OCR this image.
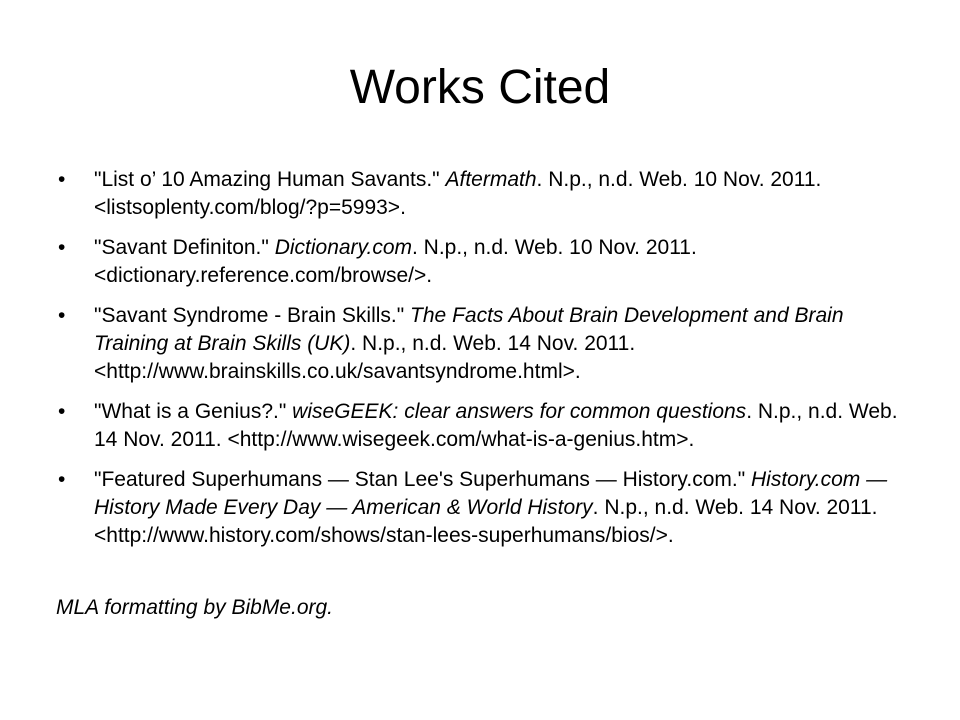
Works Cited
• "List o’ 10 Amazing Human Savants." Aftermath. N.p., n.d. Web. 10 Nov. 2011. <listsoplenty.com/blog/?p=5993>.
• "Savant Definiton." Dictionary.com. N.p., n.d. Web. 10 Nov. 2011. <dictionary.reference.com/browse/>.
• "Savant Syndrome - Brain Skills." The Facts About Brain Development and Brain Training at Brain Skills (UK). N.p., n.d. Web. 14 Nov. 2011. <http://www.brainskills.co.uk/savantsyndrome.html>.
• "What is a Genius?." wiseGEEK: clear answers for common questions. N.p., n.d. Web. 14 Nov. 2011. <http://www.wisegeek.com/what-is-a-genius.htm>.
• "Featured Superhumans — Stan Lee's Superhumans — History.com." History.com — History Made Every Day — American & World History. N.p., n.d. Web. 14 Nov. 2011. <http://www.history.com/shows/stan-lees-superhumans/bios/>.

MLA formatting by BibMe.org.
